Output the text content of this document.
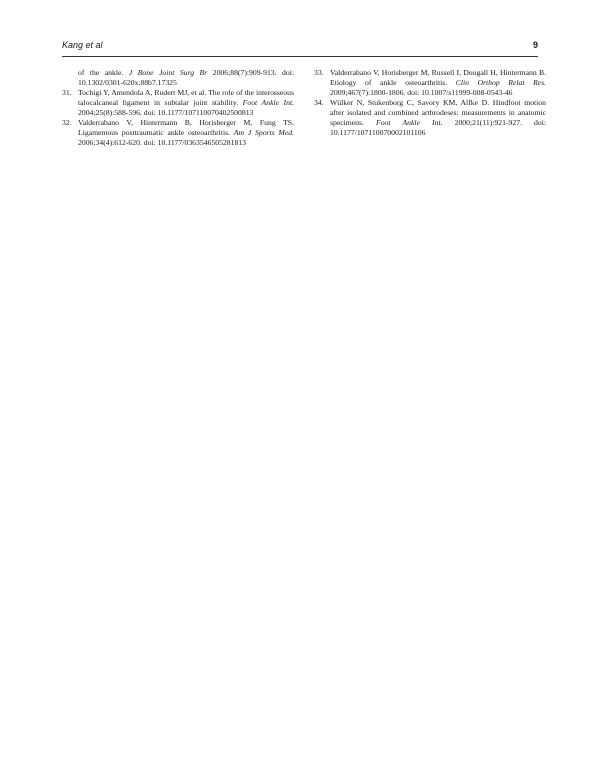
Kang et al	9

of the ankle. J Bone Joint Surg Br 2006;88(7):909-913. doi: 10.1302/0301-620x.88b7.17325

31. Tochigi Y, Amendola A, Rudert MJ, et al. The role of the interosseous talocalcaneal ligament in subtalar joint stability. Foot Ankle Int. 2004;25(8):588-596. doi: 10.1177/107110070402500813

32. Valderrabano V, Hintermann B, Horisberger M, Fung TS. Ligamentous posttraumatic ankle osteoarthritis. Am J Sports Med. 2006;34(4):612-620. doi: 10.1177/0363546505281813

33. Valderrabano V, Horisberger M, Russell I, Dougall H, Hintermann B. Etiology of ankle osteoarthritis. Clin Orthop Relat Res. 2009;467(7):1800-1806. doi: 10.1007/s11999-008-0543-46

34. Wülker N, Stukenborg C, Savory KM, Alfke D. Hindfoot motion after isolated and combined arthrodeses: measurements in anatomic specimens. Foot Ankle Int. 2000;21(11):921-927. doi: 10.1177/107110070002101106
